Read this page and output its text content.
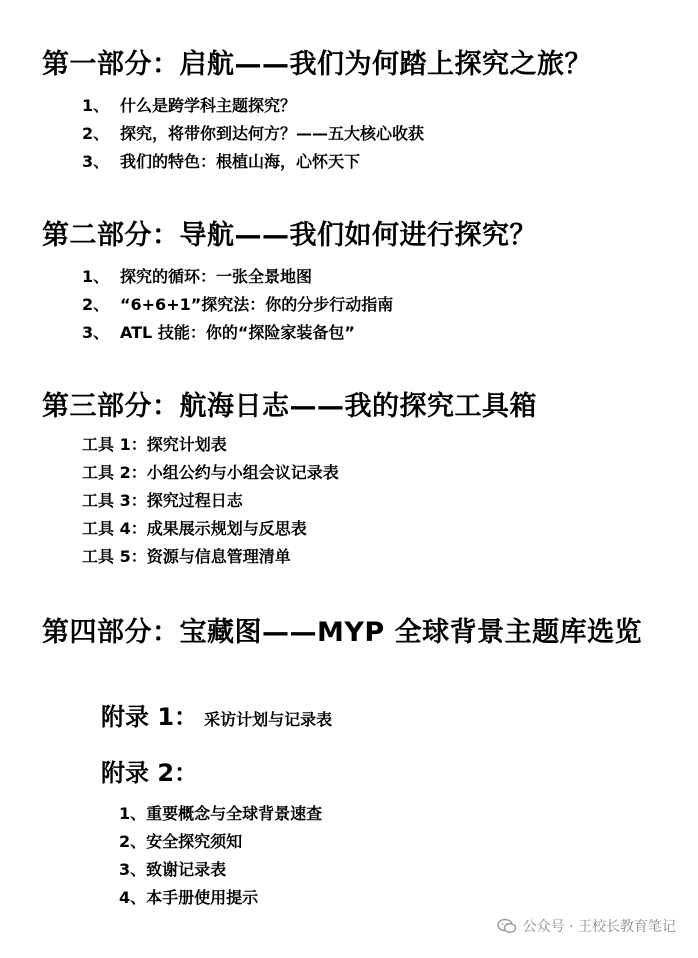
第一部分：启航——我们为何踏上探究之旅？
1、 什么是跨学科主题探究？
2、 探究，将带你到达何方？——五大核心收获
3、 我们的特色：根植山海，心怀天下
第二部分：导航——我们如何进行探究？
1、 探究的循环：一张全景地图
2、 “6+6+1”探究法：你的分步行动指南
3、 ATL 技能：你的“探险家装备包”
第三部分：航海日志——我的探究工具箱
工具 1：探究计划表
工具 2：小组公约与小组会议记录表
工具 3：探究过程日志
工具 4：成果展示规划与反思表
工具 5：资源与信息管理清单
第四部分：宝藏图——MYP 全球背景主题库选览
附录 1： 采访计划与记录表
附录 2：
1、重要概念与全球背景速查
2、安全探究须知
3、致谢记录表
4、本手册使用提示
公众号 · 王校长教育笔记
